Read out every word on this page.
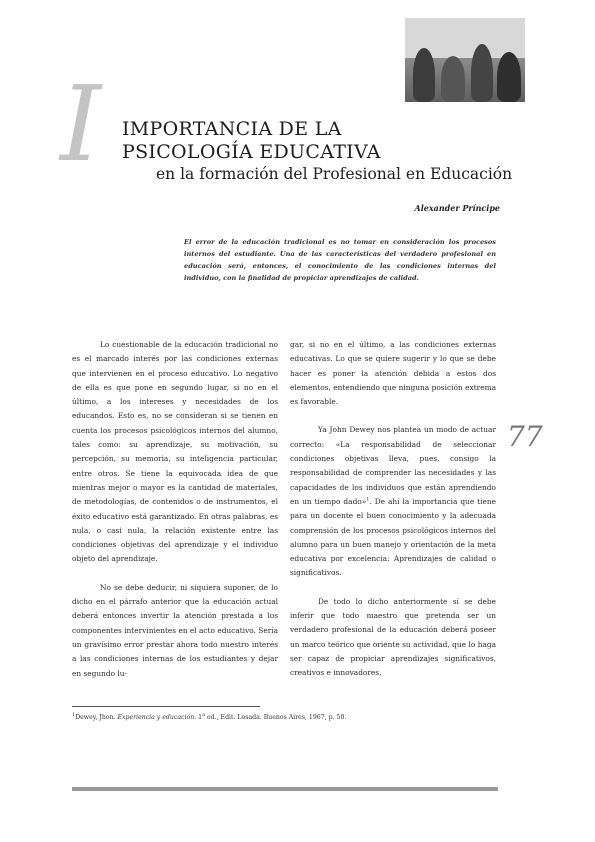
I IMPORTANCIA DE LA
PSICOLOGÍA EDUCATIVA
en la formación del Profesional en Educación
Alexander Príncipe
El error de la educación tradicional es no tomar en consideración los procesos internos del estudiante. Una de las características del verdadero profesional en educación será, entonces, el conocimiento de las condiciones internas del individuo, con la finalidad de propiciar aprendizajes de calidad.
77

Lo cuestionable de la educación tradicional no es el marcado interés por las condiciones externas que intervienen en el proceso educativo. Lo negativo de ella es que pone en segundo lugar, si no en el último, a los intereses y necesidades de los educandos. Esto es, no se consideran si se tienen en cuenta los procesos psicológicos internos del alumno, tales como: su aprendizaje, su motivación, su percepción, su memoria, su inteligencia particular, entre otros. Se tiene la equivocada idea de que mientras mejor o mayor es la cantidad de materiales, de metodologías, de contenidos o de instrumentos, el éxito educativo está garantizado. En otras palabras, es nula, o casi nula, la relación existente entre las condiciones objetivas del aprendizaje y el individuo objeto del aprendizaje.

No se debe deducir, ni siquiera suponer, de lo dicho en el párrafo anterior que la educación actual deberá entonces invertir la atención prestada a los componentes intervinientes en el acto educativo. Sería un gravísimo error prestar ahora todo nuestro interés a las condiciones internas de los estudiantes y dejar en segundo lu-

gar, si no en el último, a las condiciones externas educativas. Lo que se quiere sugerir y lo que se debe hacer es poner la atención debida a estos dos elementos, entendiendo que ninguna posición extrema es favorable.

Ya John Dewey nos plantea un modo de actuar correcto: «La responsabilidad de seleccionar condiciones objetivas lleva, pues, consigo la responsabilidad de comprender las necesidades y las capacidades de los individuos que están aprendiendo en un tiempo dado»$^1$. De ahí la importancia que tiene para un docente el buen conocimiento y la adecuada comprensión de los procesos psicológicos internos del alumno para un buen manejo y orientación de la meta educativa por excelencia: Aprendizajes de calidad o significativos.

De todo lo dicho anteriormente sí se debe inferir que todo maestro que pretenda ser un verdadero profesional de la educación deberá poseer un marco teórico que oriente su actividad, que lo haga ser capaz de propiciar aprendizajes significativos, creativos e innovadores,

$^1$Dewey, Jhon. Experiencia y educación. 1$^a$ ed., Edit. Losada. Buenos Aires, 1967, p. 50.
